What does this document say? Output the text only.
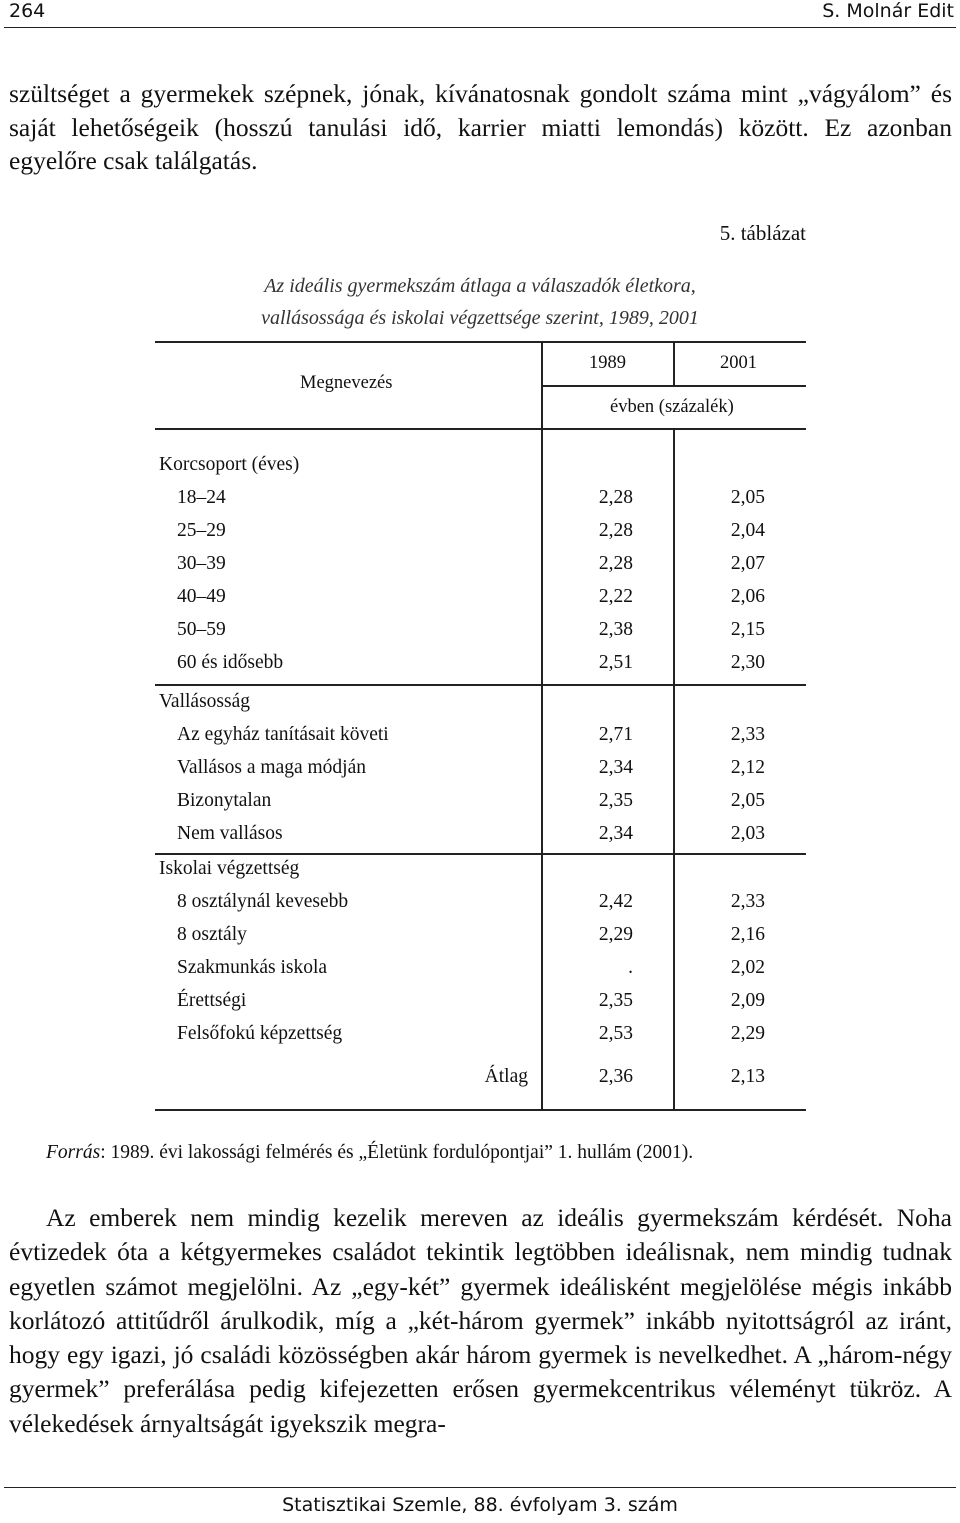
264	S. Molnár Edit
szültséget a gyermekek szépnek, jónak, kívánatosnak gondolt száma mint „vágyálom” és saját lehetőségeik (hosszú tanulási idő, karrier miatti lemondás) között. Ez azonban egyelőre csak találgatás.
5. táblázat
Az ideális gyermekszám átlaga a válaszadók életkora,
vallásossága és iskolai végzettsége szerint, 1989, 2001
Megnevezés
1989	2001
évben (százalék)
Korcsoport (éves)
18–24	2,28	2,05
25–29	2,28	2,04
30–39	2,28	2,07
40–49	2,22	2,06
50–59	2,38	2,15
60 és idősebb	2,51	2,30
Vallásosság
Az egyház tanításait követi	2,71	2,33
Vallásos a maga módján	2,34	2,12
Bizonytalan	2,35	2,05
Nem vallásos	2,34	2,03
Iskolai végzettség
8 osztálynál kevesebb	2,42	2,33
8 osztály	2,29	2,16
Szakmunkás iskola	.	2,02
Érettségi	2,35	2,09
Felsőfokú képzettség	2,53	2,29
Átlag	2,36	2,13
Forrás: 1989. évi lakossági felmérés és „Életünk fordulópontjai” 1. hullám (2001).
Az emberek nem mindig kezelik mereven az ideális gyermekszám kérdését. Noha évtizedek óta a kétgyermekes családot tekintik legtöbben ideálisnak, nem mindig tudnak egyetlen számot megjelölni. Az „egy-két” gyermek ideálisként megjelölése mégis inkább korlátozó attitűdről árulkodik, míg a „két-három gyermek” inkább nyitottságról az iránt, hogy egy igazi, jó családi közösségben akár három gyermek is nevelkedhet. A „három-négy gyermek” preferálása pedig kifejezetten erősen gyermekcentrikus véleményt tükröz. A vélekedések árnyaltságát igyekszik megra-
Statisztikai Szemle, 88. évfolyam 3. szám
